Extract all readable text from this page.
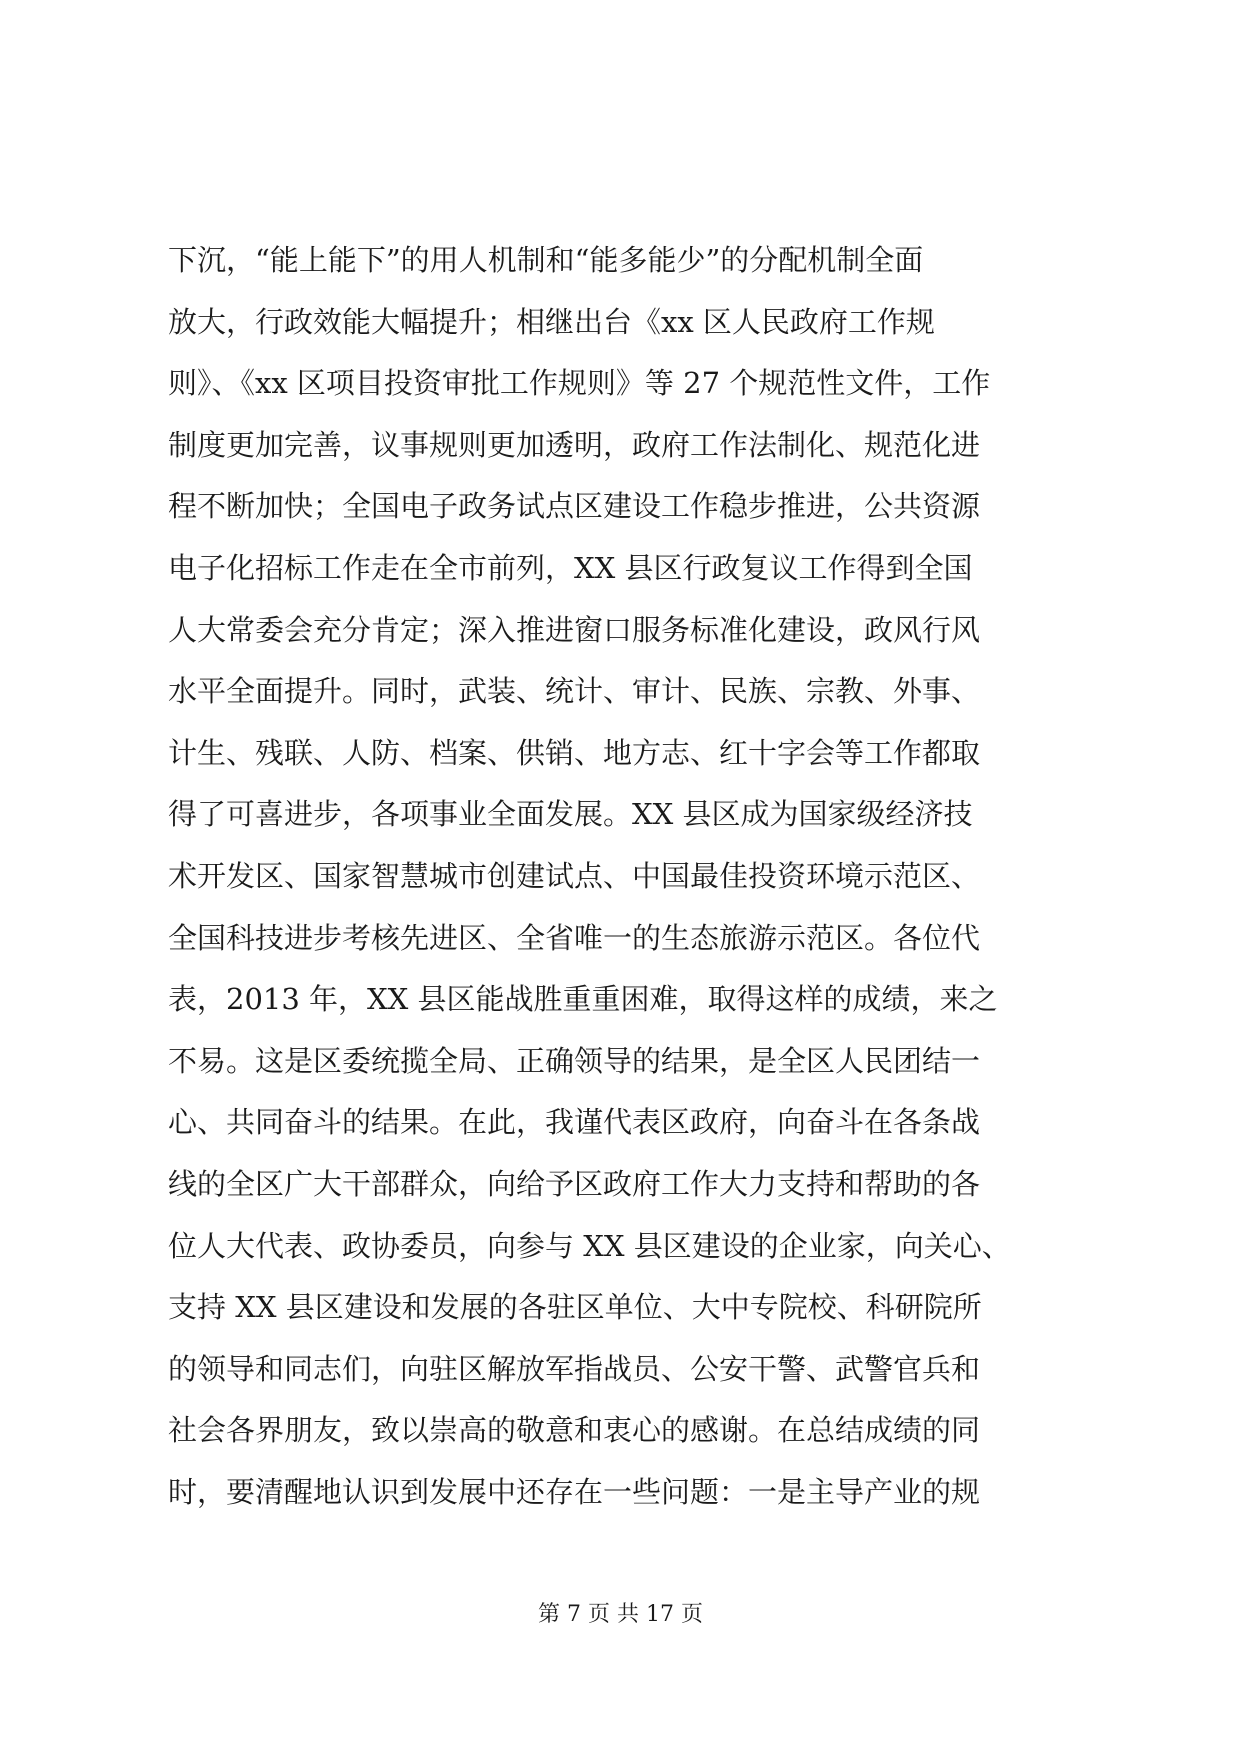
下沉，“能上能下”的用人机制和“能多能少”的分配机制全面
放大，行政效能大幅提升；相继出台《xx 区人民政府工作规
则》、《xx 区项目投资审批工作规则》等 27 个规范性文件，工作
制度更加完善，议事规则更加透明，政府工作法制化、规范化进
程不断加快；全国电子政务试点区建设工作稳步推进，公共资源
电子化招标工作走在全市前列，XX 县区行政复议工作得到全国
人大常委会充分肯定；深入推进窗口服务标准化建设，政风行风
水平全面提升。同时，武装、统计、审计、民族、宗教、外事、
计生、残联、人防、档案、供销、地方志、红十字会等工作都取
得了可喜进步，各项事业全面发展。XX 县区成为国家级经济技
术开发区、国家智慧城市创建试点、中国最佳投资环境示范区、
全国科技进步考核先进区、全省唯一的生态旅游示范区。各位代
表，2013 年，XX 县区能战胜重重困难，取得这样的成绩，来之
不易。这是区委统揽全局、正确领导的结果，是全区人民团结一
心、共同奋斗的结果。在此，我谨代表区政府，向奋斗在各条战
线的全区广大干部群众，向给予区政府工作大力支持和帮助的各
位人大代表、政协委员，向参与 XX 县区建设的企业家，向关心、
支持 XX 县区建设和发展的各驻区单位、大中专院校、科研院所
的领导和同志们，向驻区解放军指战员、公安干警、武警官兵和
社会各界朋友，致以崇高的敬意和衷心的感谢。在总结成绩的同
时，要清醒地认识到发展中还存在一些问题：一是主导产业的规
第 7 页 共 17 页
